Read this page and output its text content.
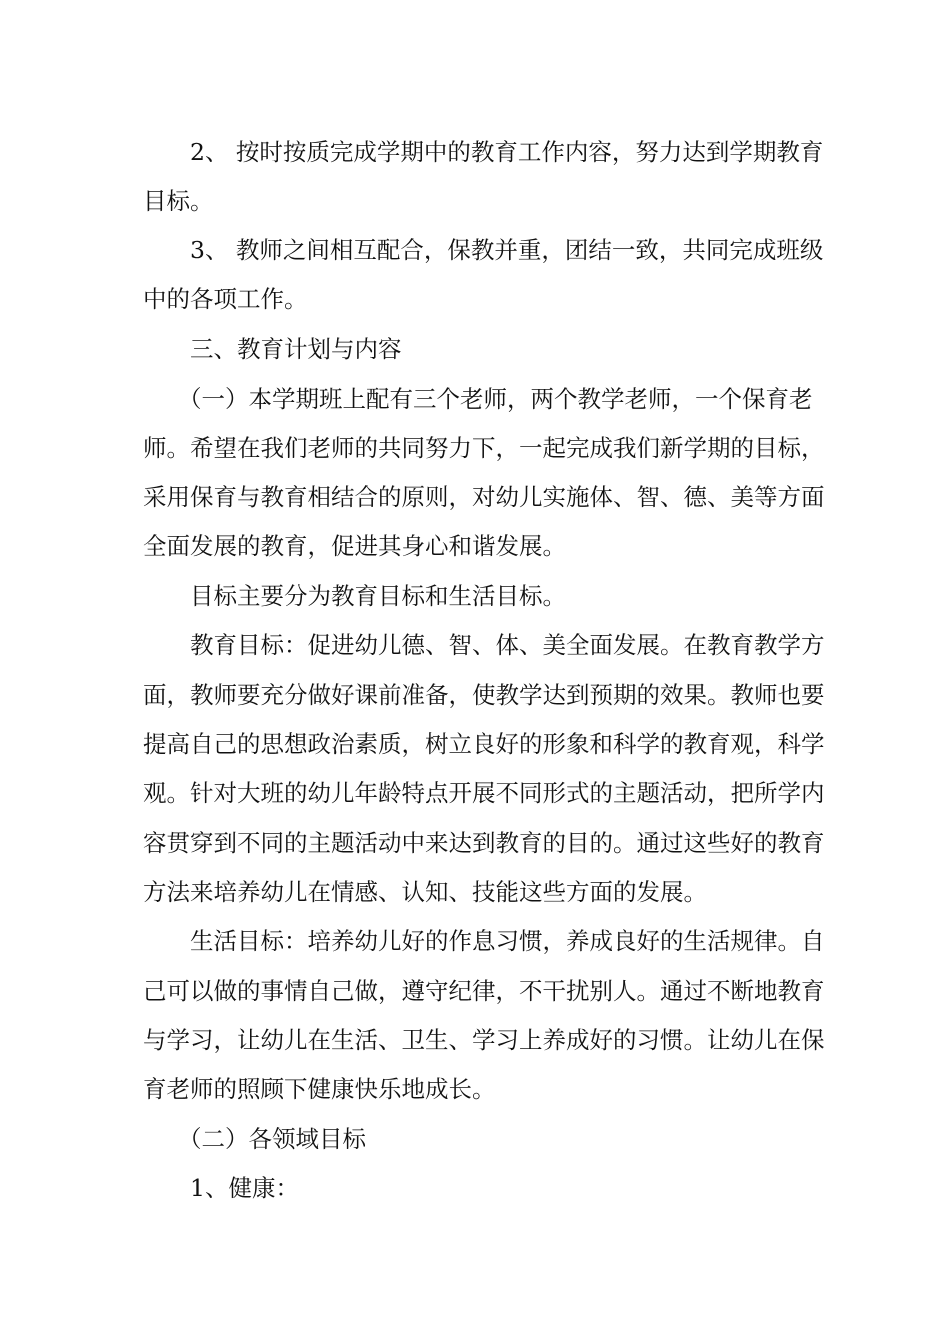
2、 按时按质完成学期中的教育工作内容，努力达到学期教育
目标。
3、 教师之间相互配合，保教并重，团结一致，共同完成班级
中的各项工作。
三、教育计划与内容
（一）本学期班上配有三个老师，两个教学老师，一个保育老
师。希望在我们老师的共同努力下，一起完成我们新学期的目标，
采用保育与教育相结合的原则，对幼儿实施体、智、德、美等方面
全面发展的教育，促进其身心和谐发展。
目标主要分为教育目标和生活目标。
教育目标：促进幼儿德、智、体、美全面发展。在教育教学方
面，教师要充分做好课前准备，使教学达到预期的效果。教师也要
提高自己的思想政治素质，树立良好的形象和科学的教育观，科学
观。针对大班的幼儿年龄特点开展不同形式的主题活动，把所学内
容贯穿到不同的主题活动中来达到教育的目的。通过这些好的教育
方法来培养幼儿在情感、认知、技能这些方面的发展。
生活目标：培养幼儿好的作息习惯，养成良好的生活规律。自
己可以做的事情自己做，遵守纪律，不干扰别人。通过不断地教育
与学习，让幼儿在生活、卫生、学习上养成好的习惯。让幼儿在保
育老师的照顾下健康快乐地成长。
（二）各领域目标
1、健康：
